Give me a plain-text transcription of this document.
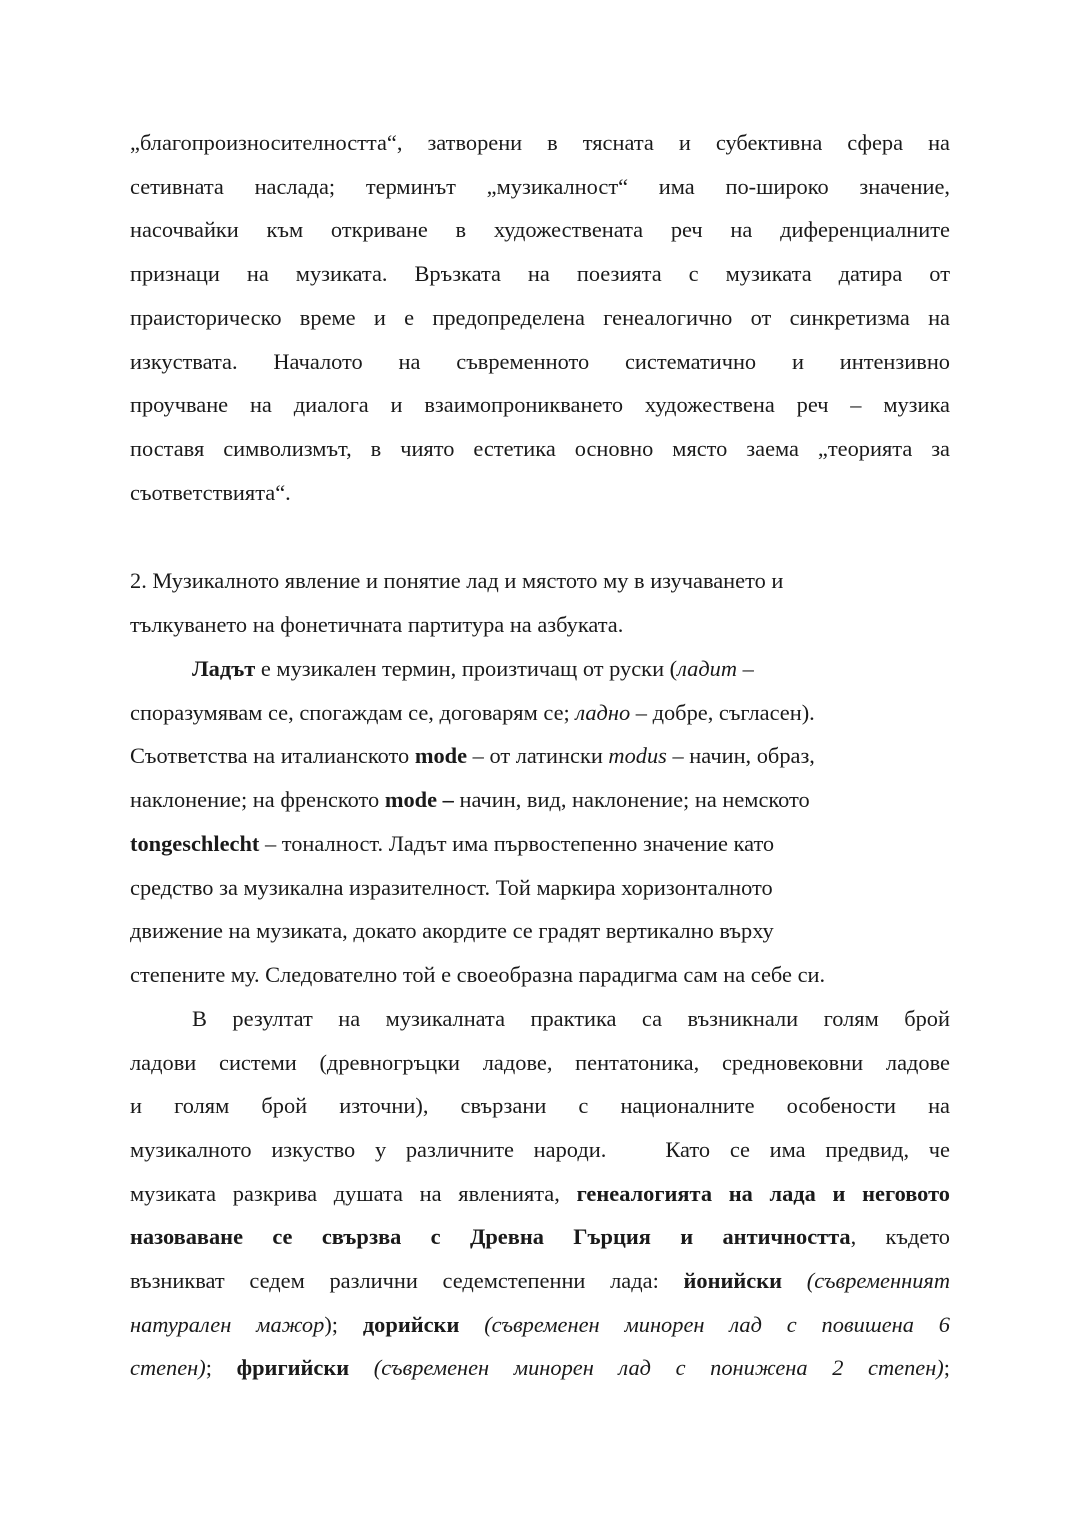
„благопроизносителността“, затворени в тясната и субективна сфера на
сетивната наслада; терминът „музикалност“ има по-широко значение,
насочвайки към откриване в художествената реч на диференциалните
признаци на музиката. Връзката на поезията с музиката датира от
праисторическо време и е предопределена генеалогично от синкретизма на
изкуствата. Началото на съвременното систематично и интензивно
проучване на диалога и взаимопроникването художествена реч – музика
поставя символизмът, в чиято естетика основно място заема „теорията за
съответствията“.
2. Музикалното явление и понятие лад и мястото му в изучаването и
тълкуването на фонетичната партитура на азбуката.
Ладът е музикален термин, произтичащ от руски (ладит –
споразумявам се, спогаждам се, договарям се; ладно – добре, съгласен).
Съответства на италианското mode – от латински modus – начин, образ,
наклонение; на френското mode – начин, вид, наклонение; на немското
tongeschlecht – тоналност. Ладът има първостепенно значение като
средство за музикална изразителност. Той маркира хоризонталното
движение на музиката, докато акордите се градят вертикално върху
степените му. Следователно той е своеобразна парадигма сам на себе си.
В резултат на музикалната практика са възникнали голям брой
ладови системи (древногръцки ладове, пентатоника, средновековни ладове
и голям брой източни), свързани с националните особености на
музикалното изкуство у различните народи.   Като се има предвид, че
музиката разкрива душата на явленията, генеалогията на лада и неговото
назоваване се свързва с Древна Гърция и античността, където
възникват седем различни седемстепенни лада: йонийски (съвременният
натурален мажор); дорийски (съвременен минорен лад с повишена 6
степен); фригийски (съвременен минорен лад с понижена 2 степен);
